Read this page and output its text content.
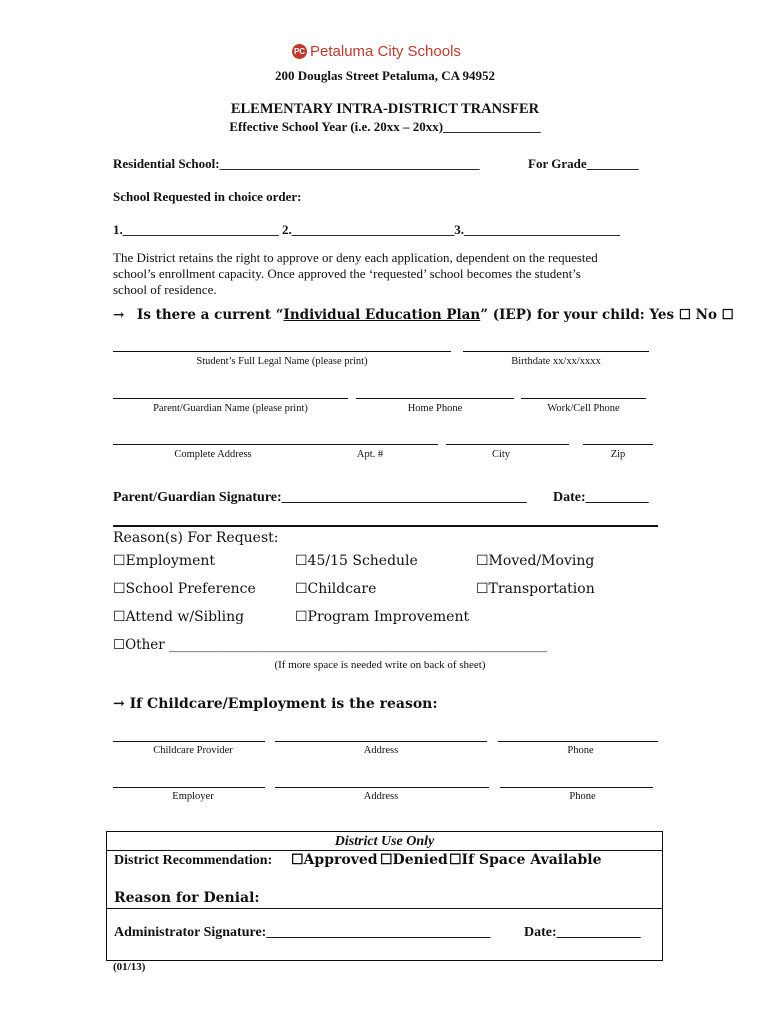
PC Petaluma City Schools
200 Douglas Street Petaluma, CA 94952
ELEMENTARY INTRA-DISTRICT TRANSFER
Effective School Year (i.e. 20xx – 20xx)_______________
Residential School:________________________________________	For Grade________
School Requested in choice order:
1.________________________ 2._________________________3.________________________
The District retains the right to approve or deny each application, dependent on the requested
school’s enrollment capacity. Once approved the ‘requested’ school becomes the student’s
school of residence.
→ Is there a current “Individual Education Plan” (IEP) for your child: Yes ☐ No ☐
Student’s Full Legal Name (please print)	Birthdate xx/xx/xxxx
Parent/Guardian Name (please print)	Home Phone	Work/Cell Phone
Complete Address	Apt. #	City	Zip
Parent/Guardian Signature:___________________________________ Date:_________
Reason(s) For Request:
☐Employment	☐45/15 Schedule	☐Moved/Moving
☐School Preference	☐Childcare	☐Transportation
☐Attend w/Sibling	☐Program Improvement
☐Other ________________________________________________________
(If more space is needed write on back of sheet)
→ If Childcare/Employment is the reason:
Childcare Provider	Address	Phone
Employer	Address	Phone
District Use Only
District Recommendation: ☐Approved ☐Denied ☐If Space Available
Reason for Denial:
Administrator Signature:________________________________ Date:____________
(01/13)
